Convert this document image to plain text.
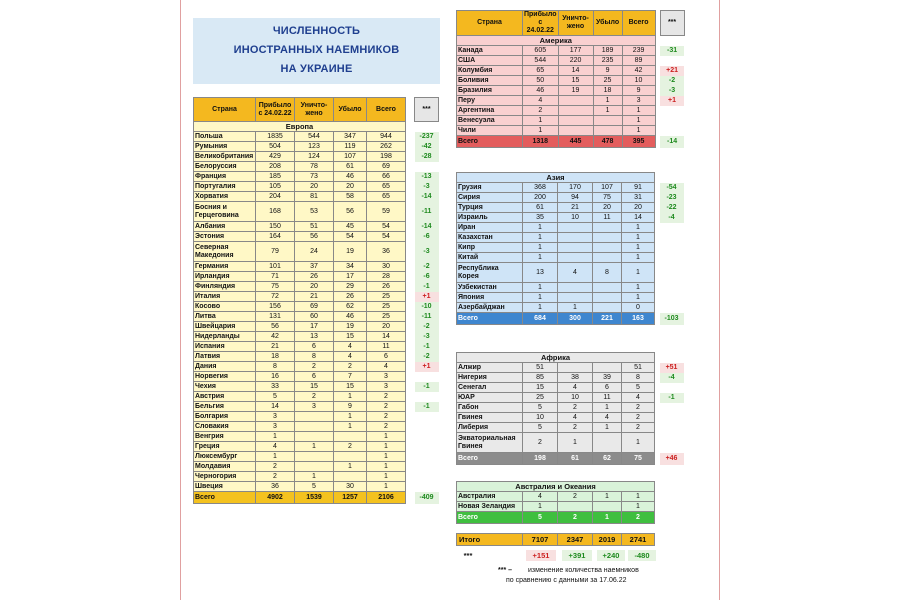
ЧИСЛЕННОСТЬ
ИНОСТРАННЫХ НАЕМНИКОВ
НА УКРАИНЕ
Страна	Прибыло с 24.02.22	Уничто-жено	Убыло	Всего		***
Европа						
Польша	1835	544	347	944		-237
Румыния	504	123	119	262		-42
Великобритания	429	124	107	198		-28
Белоруссия	208	78	61	69		
Франция	185	73	46	66		-13
Португалия	105	20	20	65		-3
Хорватия	204	81	58	65		-14
Босния и Герцеговина	168	53	56	59		-11
Албания	150	51	45	54		-14
Эстония	164	56	54	54		-6
Северная Македония	79	24	19	36		-3
Германия	101	37	34	30		-2
Ирландия	71	26	17	28		-6
Финляндия	75	20	29	26		-1
Италия	72	21	26	25		+1
Косово	156	69	62	25		-10
Литва	131	60	46	25		-11
Швейцария	56	17	19	20		-2
Нидерланды	42	13	15	14		-3
Испания	21	6	4	11		-1
Латвия	18	8	4	6		-2
Дания	8	2	2	4		+1
Норвегия	16	6	7	3		
Чехия	33	15	15	3		-1
Австрия	5	2	1	2		
Бельгия	14	3	9	2		-1
Болгария	3		1	2		
Словакия	3		1	2		
Венгрия	1			1		
Греция	4	1	2	1		
Люксембург	1			1		
Молдавия	2		1	1		
Черногория	2	1		1		
Швеция	36	5	30	1		
Всего	4902	1539	1257	2106		-409
Страна	Прибыло с 24.02.22	Уничто-жено	Убыло	Всего		***
Америка						
Канада	605	177	189	239		-31
США	544	220	235	89		
Колумбия	65	14	9	42		+21
Боливия	50	15	25	10		-2
Бразилия	46	19	18	9		-3
Перу	4		1	3		+1
Аргентина	2		1	1		
Венесуэла	1			1		
Чили	1			1		
Всего	1318	445	478	395		-14
Азия						
Грузия	368	170	107	91		-54
Сирия	200	94	75	31		-23
Турция	61	21	20	20		-22
Израиль	35	10	11	14		-4
Иран	1			1		
Казахстан	1			1		
Кипр	1			1		
Китай	1			1		
Республика Корея	13	4	8	1		
Узбекистан	1			1		
Япония	1			1		
Азербайджан	1	1		0		
Всего	684	300	221	163		-103
Африка						
Алжир	51			51		+51
Нигерия	85	38	39	8		-4
Сенегал	15	4	6	5		
ЮАР	25	10	11	4		-1
Габон	5	2	1	2		
Гвинея	10	4	4	2		
Либерия	5	2	1	2		
Экваториальная Гвинея	2	1		1		
Всего	198	61	62	75		+46
Австралия и Океания						
Австралия	4	2	1	1		
Новая Зеландия	1			1		
Всего	5	2	1	2		
Итого	7107	2347	2019	2741
***	+151	+391	+240	-480
*** – изменение количества наемников
по сравнению с данными за 17.06.22
